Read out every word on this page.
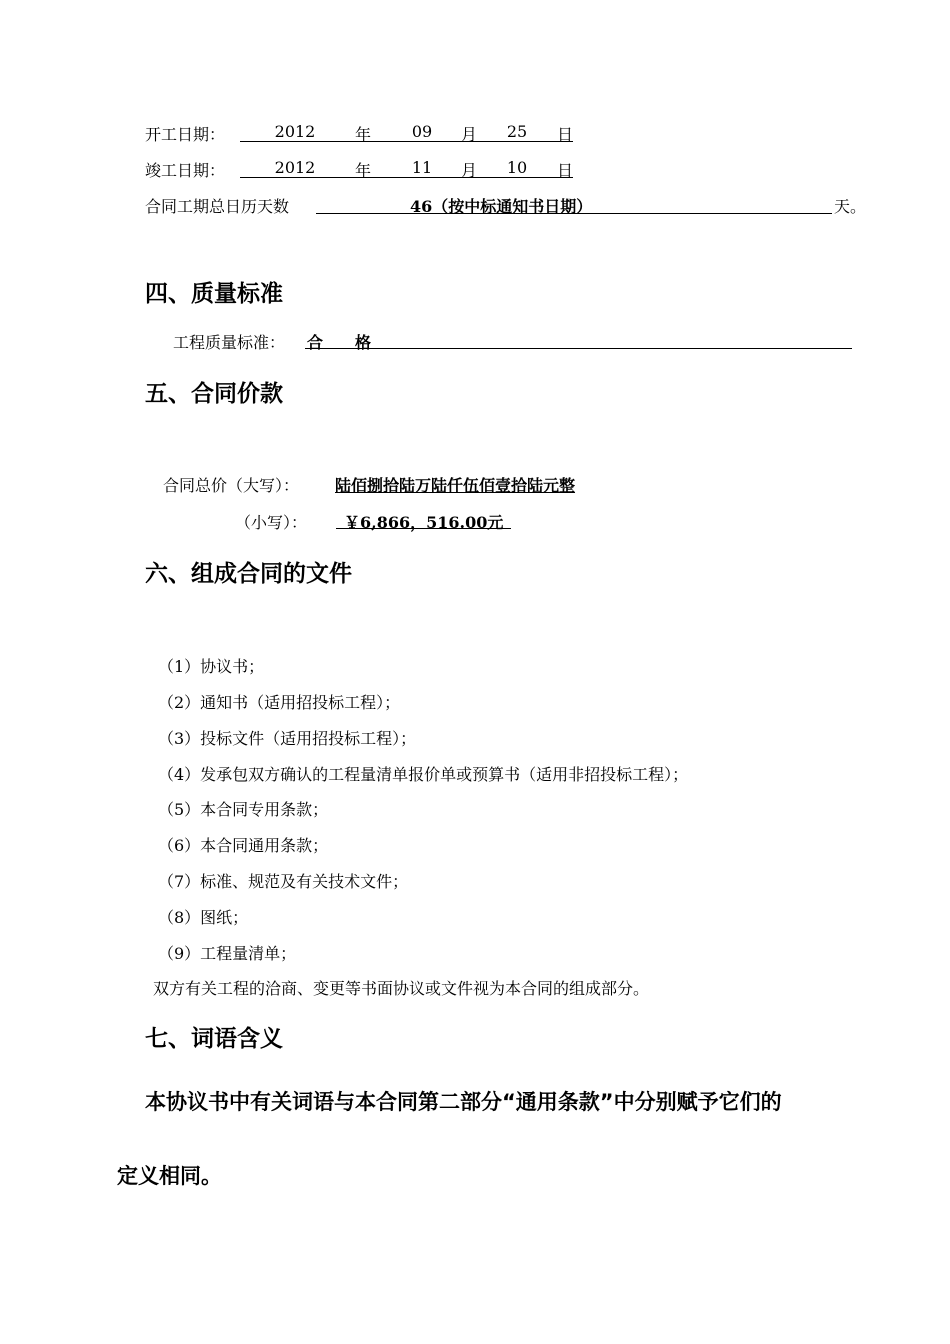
开工日期：	2012	年	09	月	25	日
竣工日期：	2012	年	11	月	10	日
合同工期总日历天数	46（按中标通知书日期）	天。
四、质量标准
工程质量标准： 合　　格
五、合同价款
合同总价（大写）： 陆佰捌拾陆万陆仟伍佰壹拾陆元整
（小写）： ￥6,866，516.00元
六、组成合同的文件
（1）协议书；
（2）通知书（适用招投标工程）；
（3）投标文件（适用招投标工程）；
（4）发承包双方确认的工程量清单报价单或预算书（适用非招投标工程）；
（5）本合同专用条款；
（6）本合同通用条款；
（7）标准、规范及有关技术文件；
（8）图纸；
（9）工程量清单；
双方有关工程的洽商、变更等书面协议或文件视为本合同的组成部分。
七、词语含义
本协议书中有关词语与本合同第二部分“通用条款”中分别赋予它们的
定义相同。
